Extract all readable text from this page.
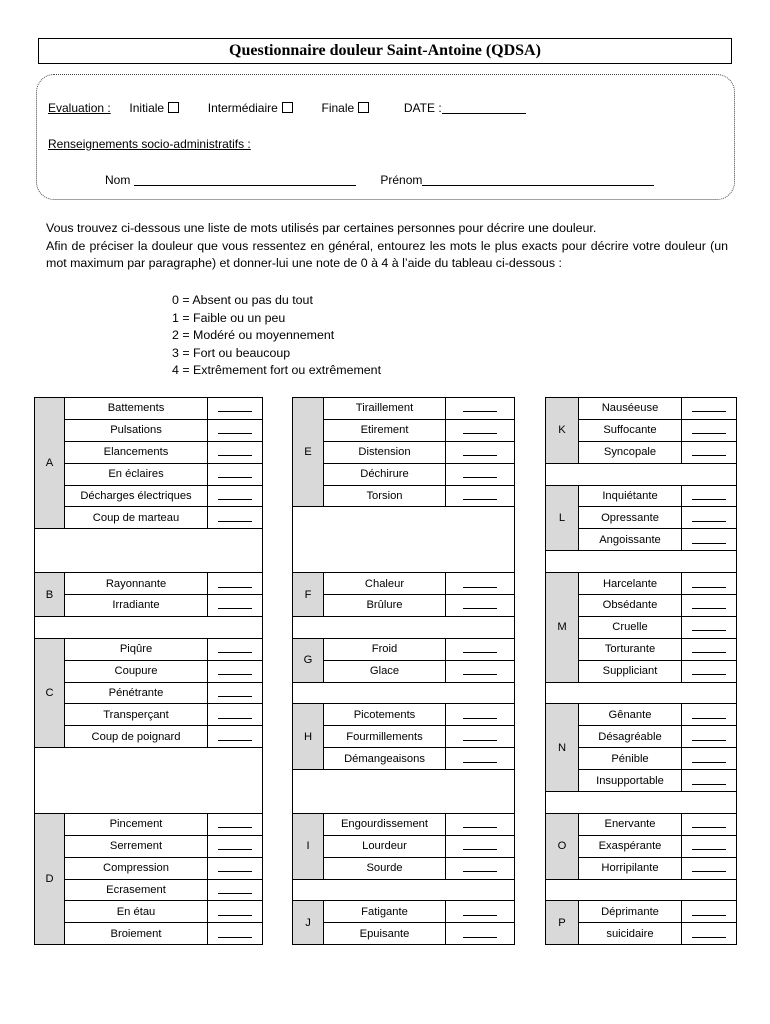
Questionnaire douleur Saint-Antoine (QDSA)
Evaluation : Initiale	Intermédiaire	Finale	DATE :
Renseignements socio-administratifs :
Nom	Prénom
Vous trouvez ci-dessous une liste de mots utilisés par certaines personnes pour décrire une douleur.
Afin de préciser la douleur que vous ressentez en général, entourez les mots le plus exacts pour décrire votre douleur (un mot maximum par paragraphe) et donner-lui une note de 0 à 4 à l’aide du tableau ci-dessous :
0 = Absent ou pas du tout
1 = Faible ou un peu
2 = Modéré ou moyennement
3 = Fort ou beaucoup
4 = Extrêmement fort ou extrêmement
A	Battements	
	Pulsations	
	Elancements	
	En éclaires	
	Décharges électriques	
	Coup de marteau	

B	Rayonnante	
	Irradiante	

C	Piqûre	
	Coupure	
	Pénétrante	
	Transperçant	
	Coup de poignard	

D	Pincement	
	Serrement	
	Compression	
	Ecrasement	
	En étau	
	Broiement	
E	Tiraillement	
	Etirement	
	Distension	
	Déchirure	
	Torsion	

F	Chaleur	
	Brûlure	

G	Froid	
	Glace	

H	Picotements	
	Fourmillements	
	Démangeaisons	

I	Engourdissement	
	Lourdeur	
	Sourde	

J	Fatigante	
	Epuisante	
K	Nauséeuse	
	Suffocante	
	Syncopale	

L	Inquiétante	
	Opressante	
	Angoissante	

M	Harcelante	
	Obsédante	
	Cruelle	
	Torturante	
	Suppliciant	

N	Gênante	
	Désagréable	
	Pénible	
	Insupportable	

O	Enervante	
	Exaspérante	
	Horripilante	

P	Déprimante	
	suicidaire	
